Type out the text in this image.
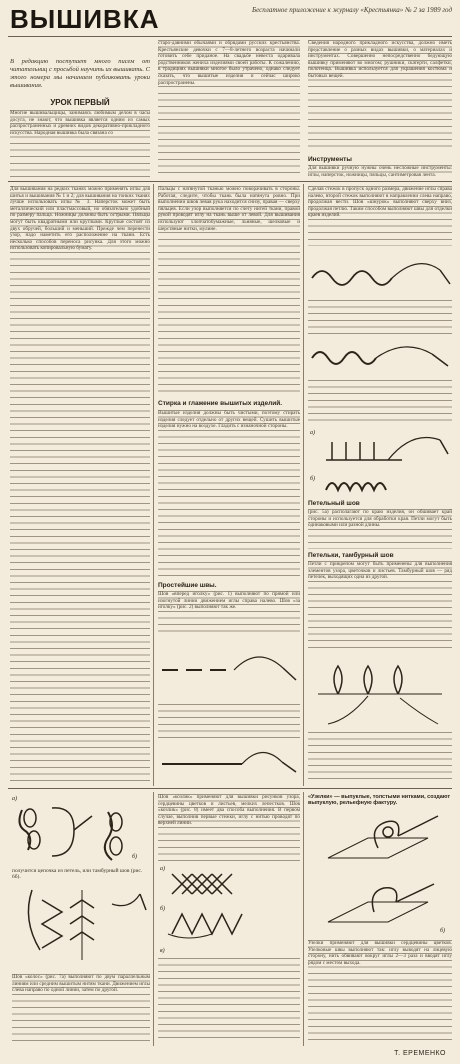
ВЫШИВКА	Бесплатное приложение к журналу «Крестьянка» № 2 за 1989 год
В редакцию поступает много писем от читательниц с просьбой научить их вышивать. С этого номера мы начинаем публиковать уроки вышивания.
УРОК ПЕРВЫЙ
Многие вышивальщицы, занимаясь любимым делом в часы досуга, не знают, что вышивка является одним из самых распространенных и древних видов декоративно-прикладного искусства. Народная вышивка была связана со
старо-давними обычаями и обрядами русских крестьянства. Крестьянские девочки с 7—8-летнего возраста начинали готовить себе приданое. На свадьбе невеста одаривала родственников жениха изделиями своей работы. К сожалению, в традициях вышивки многое было утрачено, однако следует сказать, что вышитые изделия и сейчас широко распространены.
Сведения народного прикладного искусства, должно иметь представление о разных видах вышивки, о материалах и инструментах. Совершенно непосредственно бедующую вышивку применяют во многом; рушники, скатерти, салфетки, полотенца. Вышивка используется для украшения костюма и бытовых вещей.
Инструменты
Для вышивки ручную нужны очень несложные инструменты: иглы, наперсток, ножницы, пяльцы, сантиметровая лента.
Для вышивания на редких тканях можно применять иглы для шитья и вышивания № 1 и 2; для вышивания на тонких тканях лучше использовать иглы № 3. Наперсток может быть металлический или пластмассовый, но обязательно удобный по размеру пальца. Ножницы должны быть острыми. Пяльцы могут быть квадратными или круглыми. Круглые состоят из двух обручей, больший и меньший. Прежде чем перенести узор, надо наметить его расположение на ткани. Есть несколько способов переноса рисунка. Для этого можно использовать копировальную бумагу.
Пальцы с натянутой тканью можно поворачивать в стороны. Работая, следите, чтобы ткань была натянута ровно. При выполнении швов левая рука находится снизу, правая — сверху пяльцев. Если узор выполняется по счету нитей ткани, правой рукой проводят иглу на ткань выше от левой. Для вышивания используют хлопчатобумажные, льняные, шелковые и шерстяные нитки, мулине.
Стирка и глажение вышитых изделий.
Вышитые изделия должны быть чистыми, поэтому стирать изделия следует отдельно от других вещей. Сушить вышитые изделия нужно на воздухе. Гладить с изнаночной стороны.
Простейшие швы.
Шов «вперед иголку» (рис. 1) выполняют по прямой или изогнутой линии движением иглы справа налево. Шов «за иголку» (рис. 2) выполняют так же.
Сделав стежок в пропуск одного размера, движение иглы справа налево, второй стежок выполняют в направлении слева направо, продолжая вести. Шов «шнурок» выполняют сверху вниз, продолжая петлю. Таким способом выполняют швы для отделки краев изделий.
а)
б)
Петельный шов
(рис. 5а) располагают по краю изделия, он обшивает край стороны и используется для обработки края. Петли могут быть одинаковыми или разной длины.
Петельки, тамбурный шов
Петли с прикрепом могут быть применены для выполнения элементов узора, цветочков и листьев. Тамбурный шов — ряд петелек, выходящих одна из другой.
а)
б)
получится цепочка из петель, или тамбурный шов (рис. 6б).
Шов «колос» (рис. 7а) выполняют по двум параллельным линиям или средним вышитым нитям ткани. Движением иглы слева направо по одной линии, затем по другой.
Шов «козлик» применяют для вышивки рисунков узора, сердцевины цветков и листьев, мелких лепестков. Шов «козлик» (рис. 8) имеет два способа выполнения. В первом случае, выполнив первые стежки, иглу с нитью проводят по верхней линии.
а)
б)
в)
«Узелки» — выпуклые, толстыми нитками, создают выпуклую, рельефную фактуру.
б)
Узелки применяют для вышивки сердцевины цветков. Узелковые швы выполняют так: иглу выводят на лицевую сторону, нить обвивают вокруг иглы 2—3 раза и вводят иглу рядом с местом выхода.
Т. ЕРЕМЕНКО
